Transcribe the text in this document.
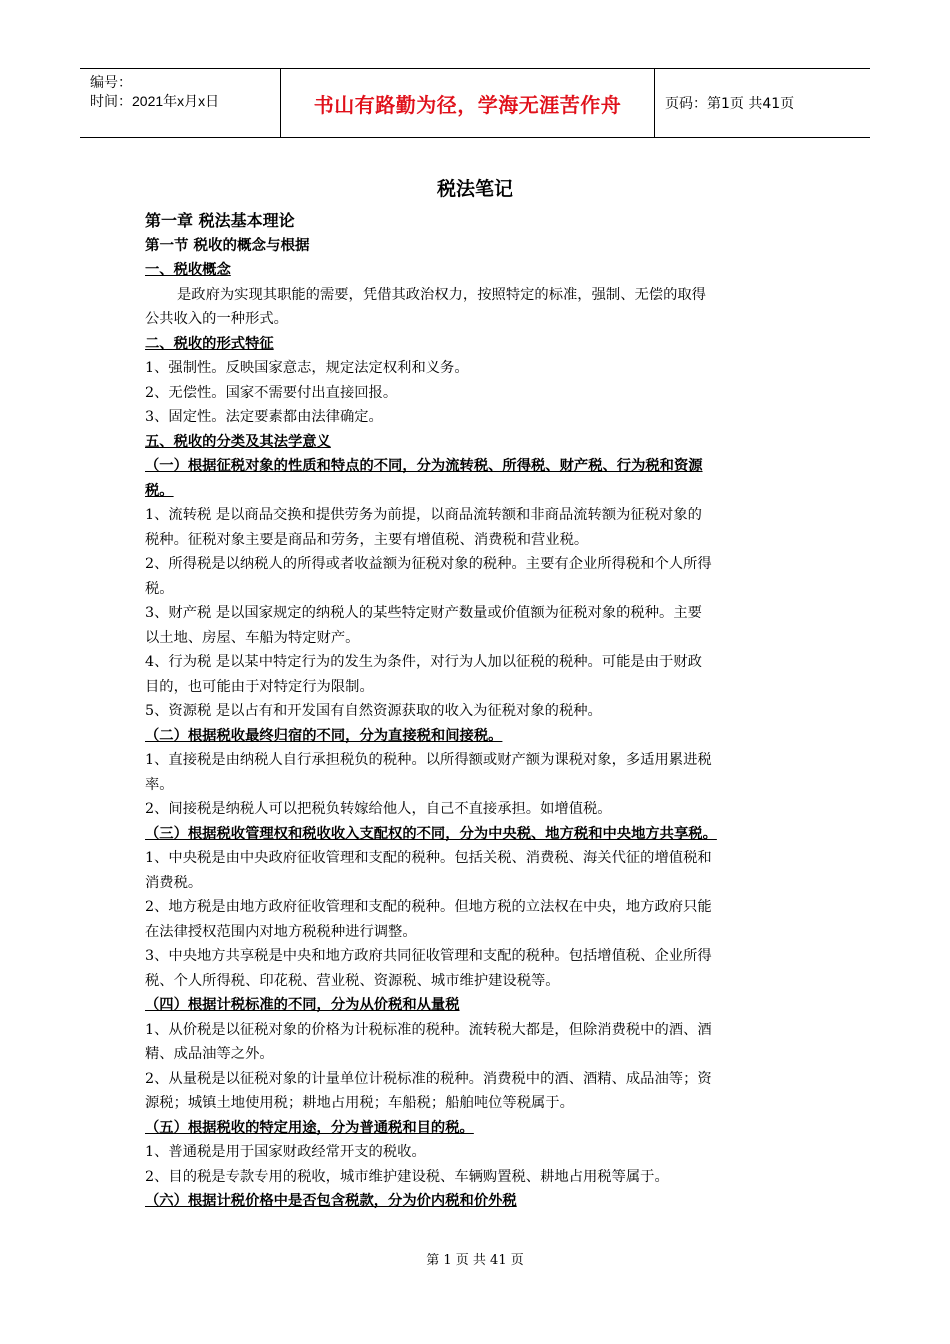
编号：
时间：2021年x月x日	书山有路勤为径，学海无涯苦作舟	页码：第1页 共41页
税法笔记
第一章 税法基本理论
第一节 税收的概念与根据
一、税收概念
是政府为实现其职能的需要，凭借其政治权力，按照特定的标准，强制、无偿的取得
公共收入的一种形式。
二、税收的形式特征
1、强制性。反映国家意志，规定法定权利和义务。
2、无偿性。国家不需要付出直接回报。
3、固定性。法定要素都由法律确定。
五、税收的分类及其法学意义
（一）根据征税对象的性质和特点的不同，分为流转税、所得税、财产税、行为税和资源
税。
1、流转税 是以商品交换和提供劳务为前提，以商品流转额和非商品流转额为征税对象的
税种。征税对象主要是商品和劳务，主要有增值税、消费税和营业税。
2、所得税是以纳税人的所得或者收益额为征税对象的税种。主要有企业所得税和个人所得
税。
3、财产税 是以国家规定的纳税人的某些特定财产数量或价值额为征税对象的税种。主要
以土地、房屋、车船为特定财产。
4、行为税 是以某中特定行为的发生为条件，对行为人加以征税的税种。可能是由于财政
目的，也可能由于对特定行为限制。
5、资源税 是以占有和开发国有自然资源获取的收入为征税对象的税种。
（二）根据税收最终归宿的不同，分为直接税和间接税。
1、直接税是由纳税人自行承担税负的税种。以所得额或财产额为课税对象，多适用累进税
率。
2、间接税是纳税人可以把税负转嫁给他人，自己不直接承担。如增值税。
（三）根据税收管理权和税收收入支配权的不同，分为中央税、地方税和中央地方共享税。
1、中央税是由中央政府征收管理和支配的税种。包括关税、消费税、海关代征的增值税和
消费税。
2、地方税是由地方政府征收管理和支配的税种。但地方税的立法权在中央，地方政府只能
在法律授权范围内对地方税税种进行调整。
3、中央地方共享税是中央和地方政府共同征收管理和支配的税种。包括增值税、企业所得
税、个人所得税、印花税、营业税、资源税、城市维护建设税等。
（四）根据计税标准的不同，分为从价税和从量税
1、从价税是以征税对象的价格为计税标准的税种。流转税大都是，但除消费税中的酒、酒
精、成品油等之外。
2、从量税是以征税对象的计量单位计税标准的税种。消费税中的酒、酒精、成品油等；资
源税；城镇土地使用税；耕地占用税；车船税；船舶吨位等税属于。
（五）根据税收的特定用途，分为普通税和目的税。
1、普通税是用于国家财政经常开支的税收。
2、目的税是专款专用的税收，城市维护建设税、车辆购置税、耕地占用税等属于。
（六）根据计税价格中是否包含税款，分为价内税和价外税
第 1 页 共 41 页
